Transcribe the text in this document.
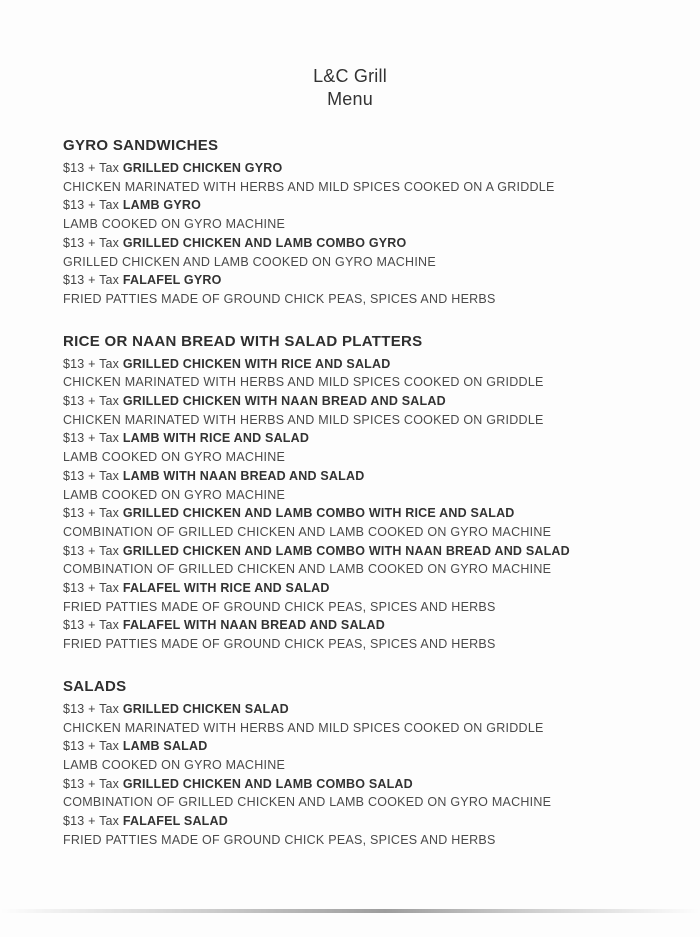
L&C Grill
Menu
GYRO SANDWICHES
$13 + Tax GRILLED CHICKEN GYRO
CHICKEN MARINATED WITH HERBS AND MILD SPICES COOKED ON A GRIDDLE
$13 + Tax LAMB GYRO
LAMB COOKED ON GYRO MACHINE
$13 + Tax GRILLED CHICKEN AND LAMB COMBO GYRO
GRILLED CHICKEN AND LAMB COOKED ON GYRO MACHINE
$13 + Tax FALAFEL GYRO
FRIED PATTIES MADE OF GROUND CHICK PEAS, SPICES AND HERBS
RICE OR NAAN BREAD WITH SALAD PLATTERS
$13 + Tax GRILLED CHICKEN WITH RICE AND SALAD
CHICKEN MARINATED WITH HERBS AND MILD SPICES COOKED ON GRIDDLE
$13 + Tax GRILLED CHICKEN WITH NAAN BREAD AND SALAD
CHICKEN MARINATED WITH HERBS AND MILD SPICES COOKED ON GRIDDLE
$13 + Tax LAMB WITH RICE AND SALAD
LAMB COOKED ON GYRO MACHINE
$13 + Tax LAMB WITH NAAN BREAD AND SALAD
LAMB COOKED ON GYRO MACHINE
$13 + Tax GRILLED CHICKEN AND LAMB COMBO WITH RICE AND SALAD
COMBINATION OF GRILLED CHICKEN AND LAMB COOKED ON GYRO MACHINE
$13 + Tax GRILLED CHICKEN AND LAMB COMBO WITH NAAN BREAD AND SALAD
COMBINATION OF GRILLED CHICKEN AND LAMB COOKED ON GYRO MACHINE
$13 + Tax FALAFEL WITH RICE AND SALAD
FRIED PATTIES MADE OF GROUND CHICK PEAS, SPICES AND HERBS
$13 + Tax FALAFEL WITH NAAN BREAD AND SALAD
FRIED PATTIES MADE OF GROUND CHICK PEAS, SPICES AND HERBS
SALADS
$13 + Tax GRILLED CHICKEN SALAD
CHICKEN MARINATED WITH HERBS AND MILD SPICES COOKED ON GRIDDLE
$13 + Tax LAMB SALAD
LAMB COOKED ON GYRO MACHINE
$13 + Tax GRILLED CHICKEN AND LAMB COMBO SALAD
COMBINATION OF GRILLED CHICKEN AND LAMB COOKED ON GYRO MACHINE
$13 + Tax FALAFEL SALAD
FRIED PATTIES MADE OF GROUND CHICK PEAS, SPICES AND HERBS
